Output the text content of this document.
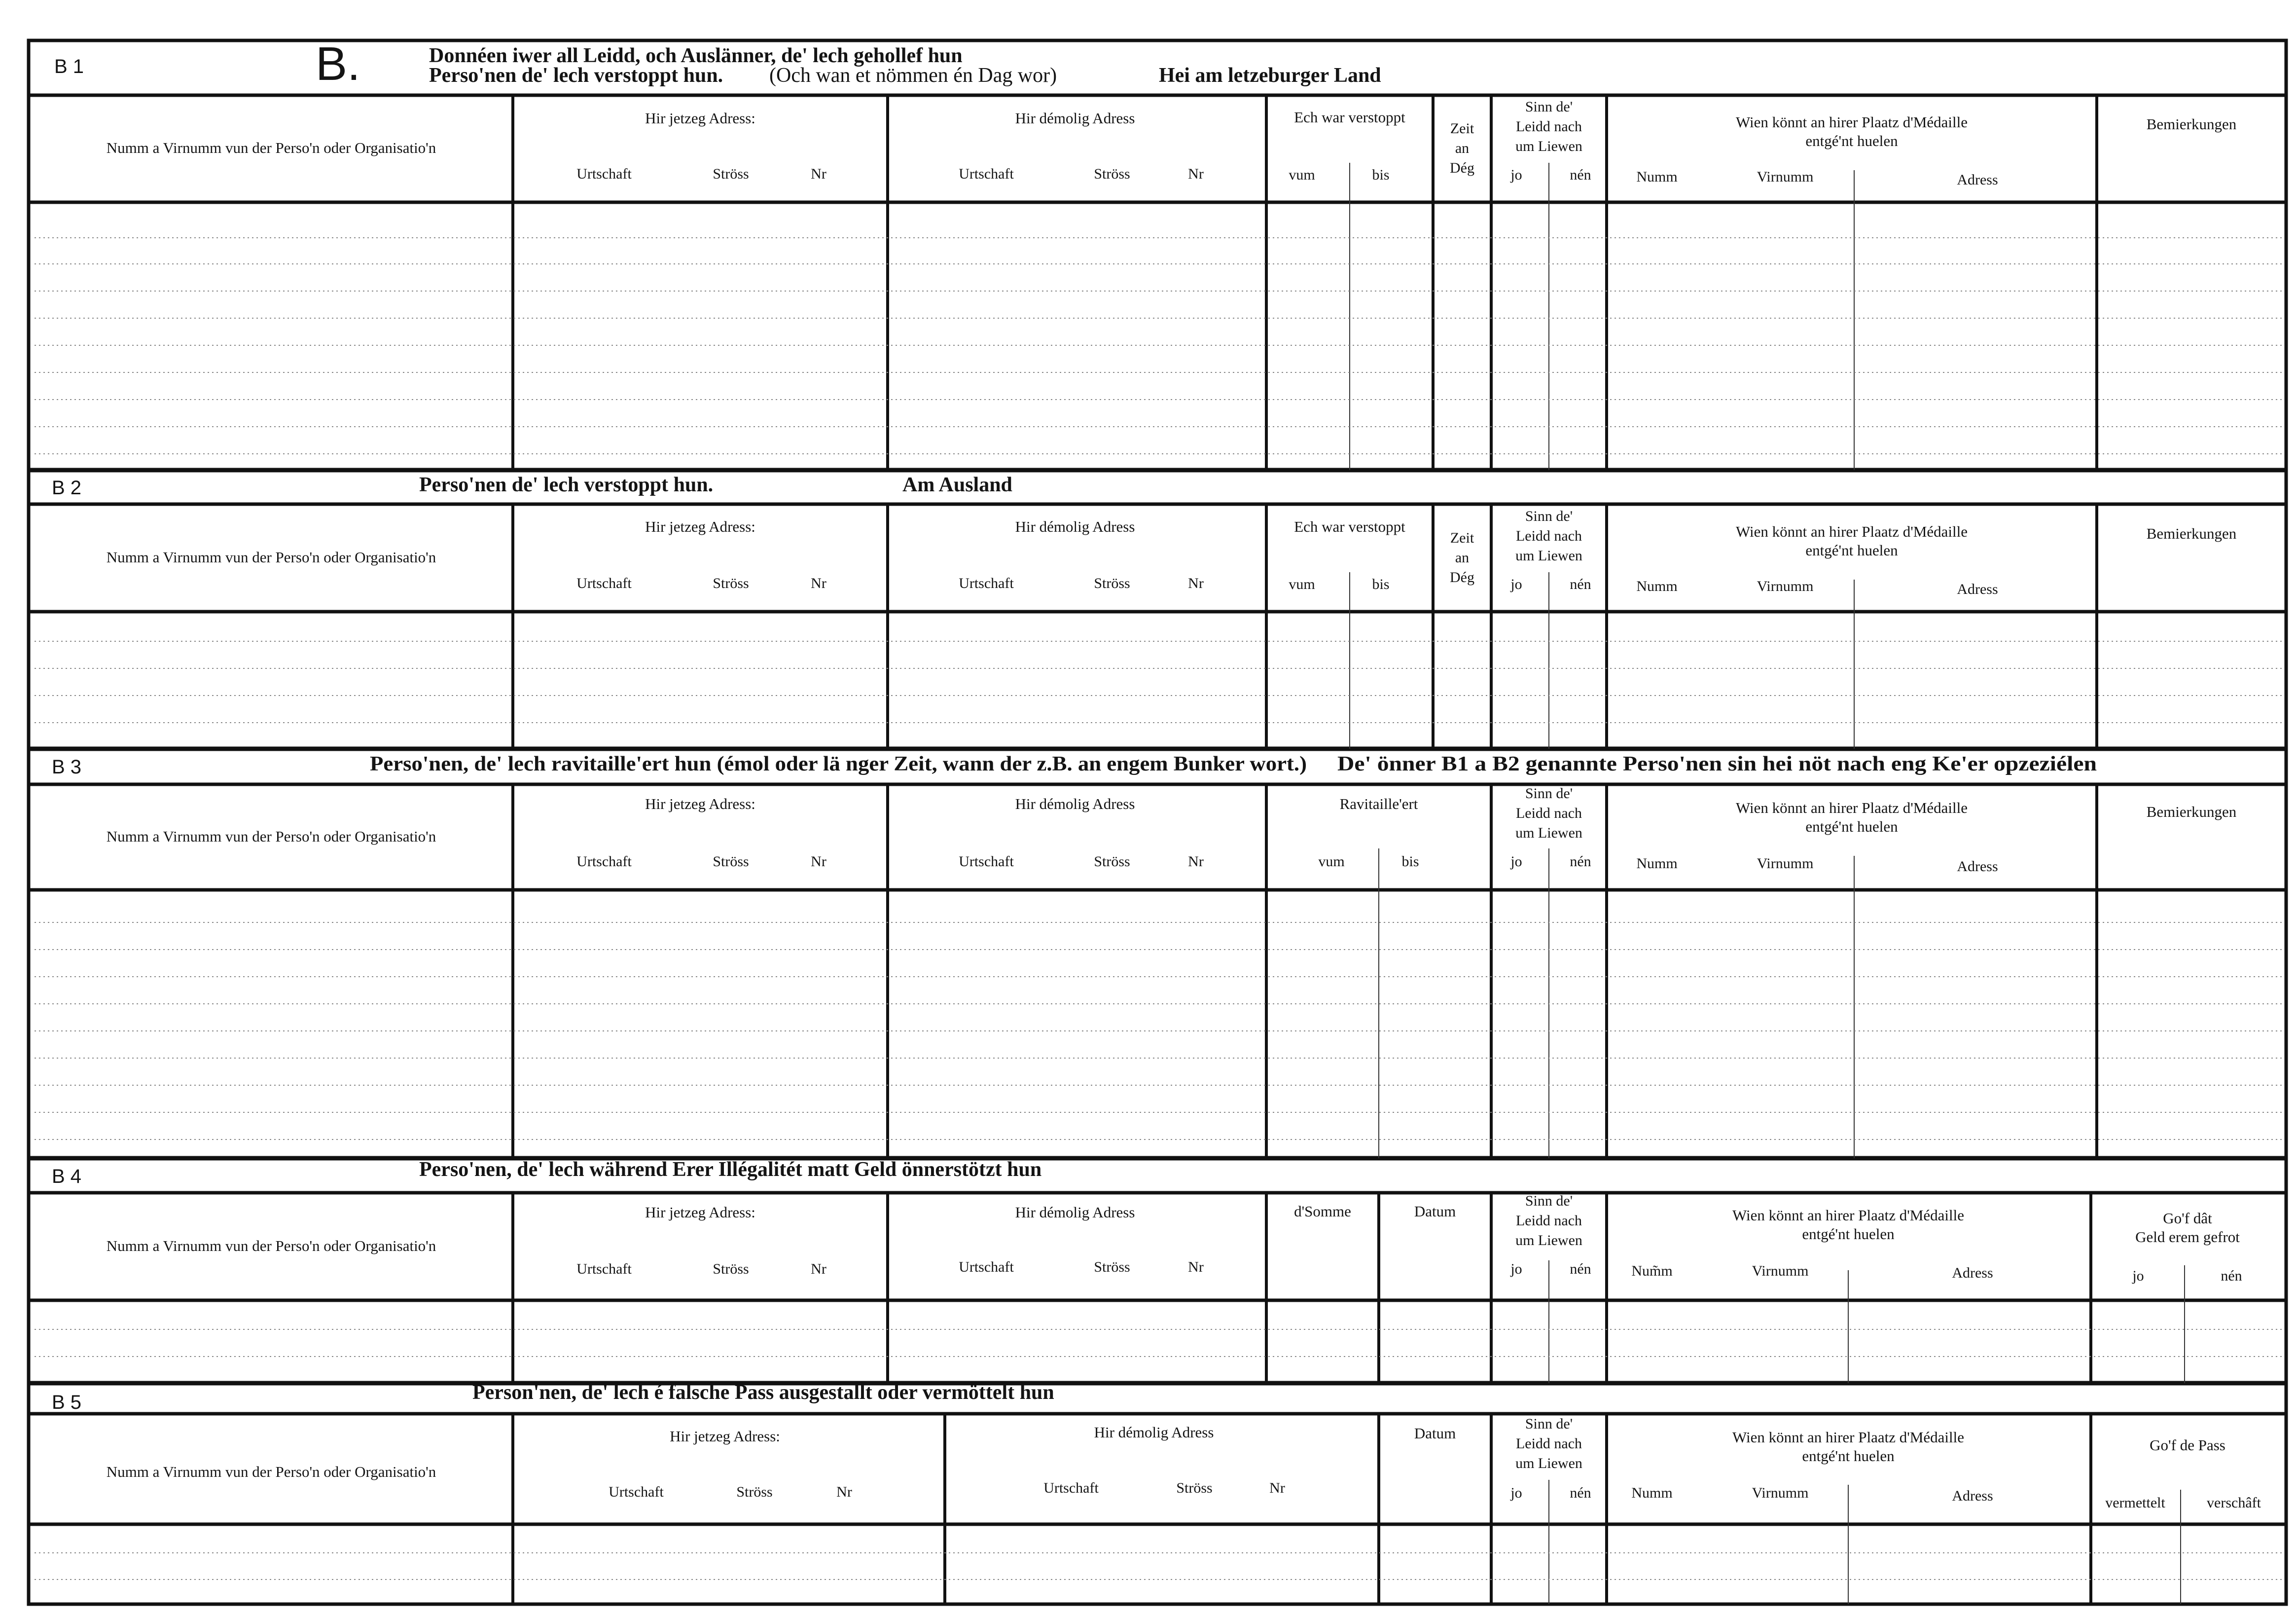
B 1	B.	Donnéen iwer all Leidd, och Auslänner, de' lech gehollef hun
Perso'nen de' lech verstoppt hun. (Och wan et nömmen én Dag wor)	Hei am letzeburger Land
Numm a Virnumm vun der Perso'n oder Organisatio'n
Hir jetzeg Adress:
Urtschaft	Ströss	Nr
Hir démolig Adress
Urtschaft	Ströss	Nr
Ech war verstoppt
vum	bis
Zeit
an
Dég
Sinn de'
Leidd nach
um Liewen
jo	nén
Wien könnt an hirer Plaatz d'Médaille
entgé'nt huelen
Numm	Virnumm	Adress
Bemierkungen
B 2	Perso'nen de' lech verstoppt hun.	Am Ausland
Numm a Virnumm vun der Perso'n oder Organisatio'n
Hir jetzeg Adress:
Urtschaft	Ströss	Nr
Hir démolig Adress
Urtschaft	Ströss	Nr
Ech war verstoppt
vum	bis
Zeit
an
Dég
Sinn de'
Leidd nach
um Liewen
jo	nén
Wien könnt an hirer Plaatz d'Médaille
entgé'nt huelen
Numm	Virnumm	Adress
Bemierkungen
B 3	Perso'nen, de' lech ravitaille'ert hun (émol oder lä nger Zeit, wann der z.B. an engem Bunker wort.) De' önner B1 a B2 genannte Perso'nen sin hei nöt nach eng Ke'er opzeziélen
Numm a Virnumm vun der Perso'n oder Organisatio'n
Hir jetzeg Adress:
Urtschaft	Ströss	Nr
Hir démolig Adress
Urtschaft	Ströss	Nr
Ravitaille'ert
vum	bis
Sinn de'
Leidd nach
um Liewen
jo	nén
Wien könnt an hirer Plaatz d'Médaille
entgé'nt huelen
Numm	Virnumm	Adress
Bemierkungen
B 4	Perso'nen, de' lech während Erer Illégalitét matt Geld önnerstötzt hun
Numm a Virnumm vun der Perso'n oder Organisatio'n
Hir jetzeg Adress:
Urtschaft	Ströss	Nr
Hir démolig Adress
Urtschaft	Ströss	Nr
d'Somme	Datum
Sinn de'
Leidd nach
um Liewen
jo	nén
Wien könnt an hirer Plaatz d'Médaille
entgé'nt huelen
Num̃m	Virnumm	Adress
Go'f dât
Geld erem gefrot
jo	nén
B 5	Person'nen, de' lech é falsche Pass ausgestallt oder vermöttelt hun
Numm a Virnumm vun der Perso'n oder Organisatio'n
Hir jetzeg Adress:
Urtschaft	Ströss	Nr
Hir démolig Adress
Urtschaft	Ströss	Nr
Datum
Sinn de'
Leidd nach
um Liewen
jo	nén
Wien könnt an hirer Plaatz d'Médaille
entgé'nt huelen
Numm	Virnumm	Adress
Go'f de Pass
vermettelt	verschâft
